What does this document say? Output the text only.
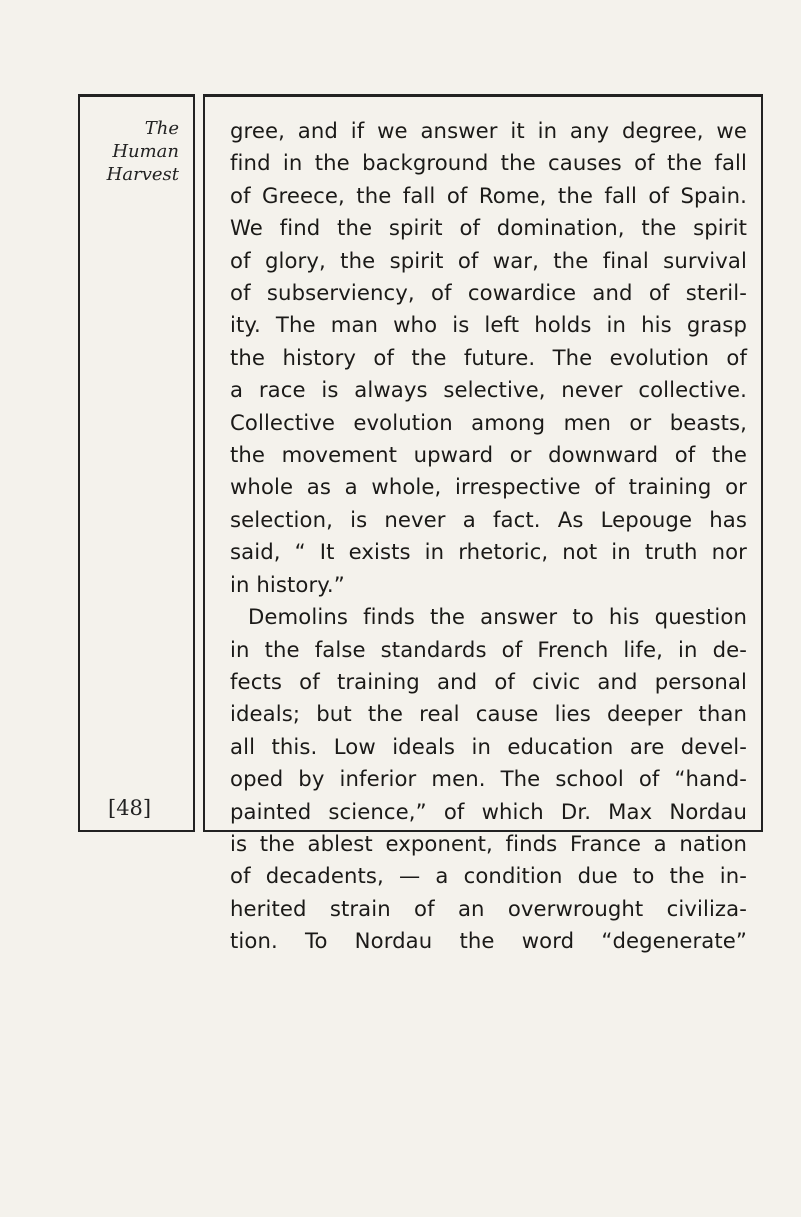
The
Human
Harvest
[48]
gree, and if we answer it in any degree, we
find in the background the causes of the fall
of Greece, the fall of Rome, the fall of Spain.
We find the spirit of domination, the spirit
of glory, the spirit of war, the final survival
of subserviency, of cowardice and of steril-
ity. The man who is left holds in his grasp
the history of the future. The evolution of
a race is always selective, never collective.
Collective evolution among men or beasts,
the movement upward or downward of the
whole as a whole, irrespective of training or
selection, is never a fact. As Lepouge has
said, “ It exists in rhetoric, not in truth nor
in history.”
Demolins finds the answer to his question
in the false standards of French life, in de-
fects of training and of civic and personal
ideals; but the real cause lies deeper than
all this. Low ideals in education are devel-
oped by inferior men. The school of “hand-
painted science,” of which Dr. Max Nordau
is the ablest exponent, finds France a nation
of decadents, — a condition due to the in-
herited strain of an overwrought civiliza-
tion. To Nordau the word “degenerate”
